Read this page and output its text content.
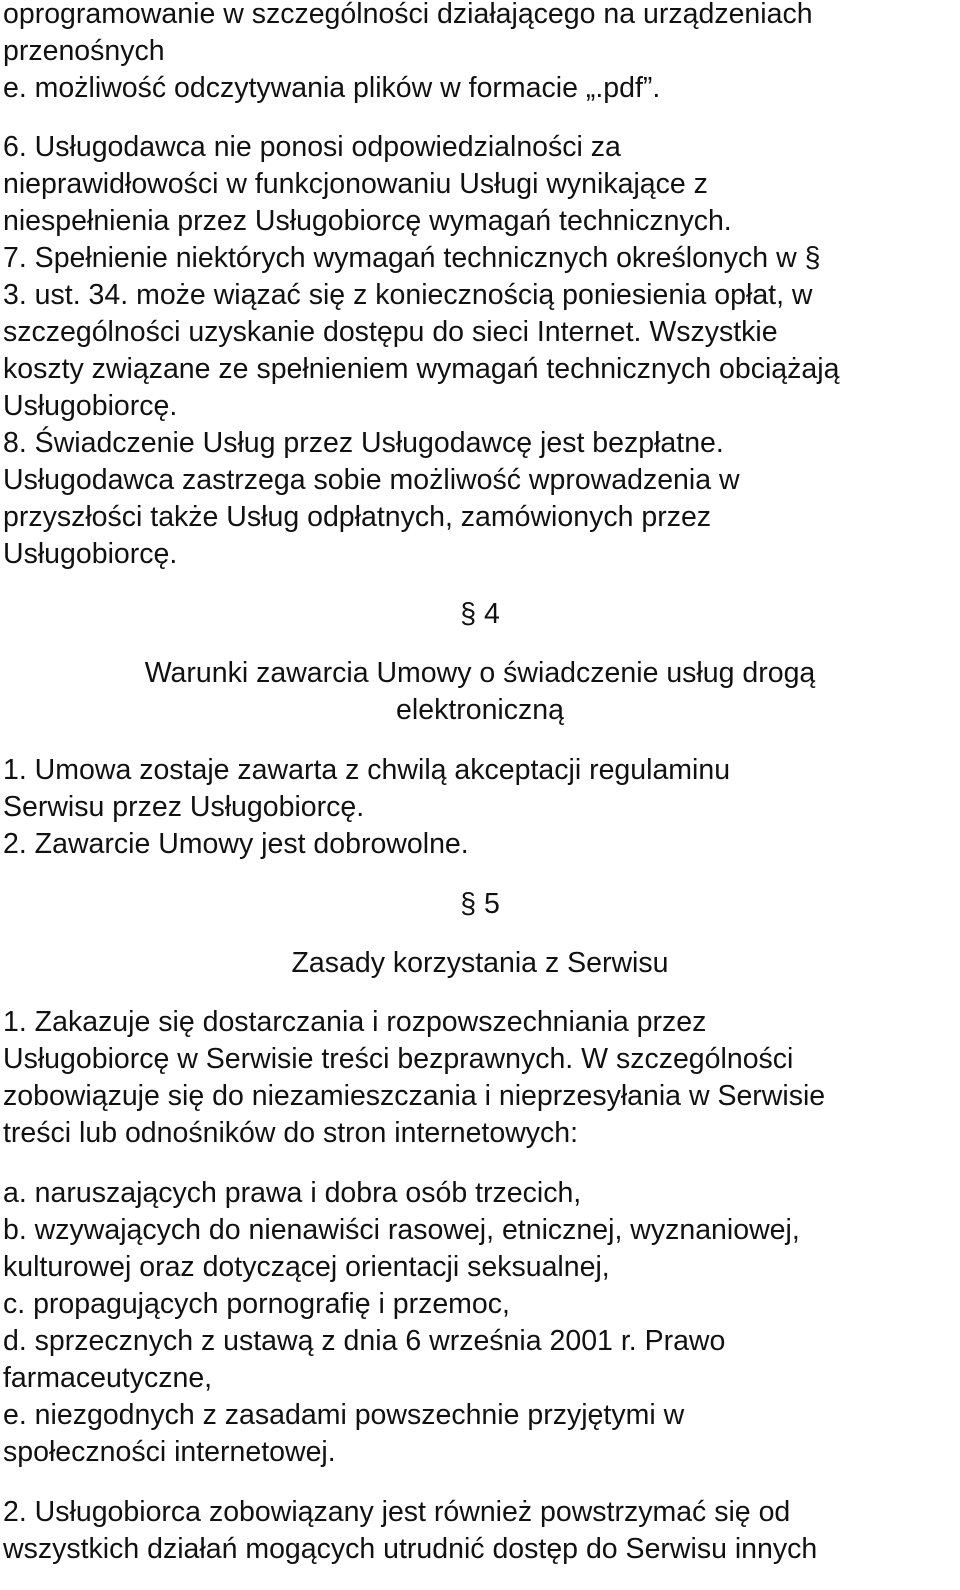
oprogramowanie w szczególności działającego na urządzeniach
przenośnych
e. możliwość odczytywania plików w formacie „.pdf”.
6. Usługodawca nie ponosi odpowiedzialności za
nieprawidłowości w funkcjonowaniu Usługi wynikające z
niespełnienia przez Usługobiorcę wymagań technicznych.
7. Spełnienie niektórych wymagań technicznych określonych w §
3. ust. 34. może wiązać się z koniecznością poniesienia opłat, w
szczególności uzyskanie dostępu do sieci Internet. Wszystkie
koszty związane ze spełnieniem wymagań technicznych obciążają
Usługobiorcę.
8. Świadczenie Usług przez Usługodawcę jest bezpłatne.
Usługodawca zastrzega sobie możliwość wprowadzenia w
przyszłości także Usług odpłatnych, zamówionych przez
Usługobiorcę.
§ 4
Warunki zawarcia Umowy o świadczenie usług drogą
elektroniczną
1. Umowa zostaje zawarta z chwilą akceptacji regulaminu
Serwisu przez Usługobiorcę.
2. Zawarcie Umowy jest dobrowolne.
§ 5
Zasady korzystania z Serwisu
1. Zakazuje się dostarczania i rozpowszechniania przez
Usługobiorcę w Serwisie treści bezprawnych. W szczególności
zobowiązuje się do niezamieszczania i nieprzesyłania w Serwisie
treści lub odnośników do stron internetowych:
a. naruszających prawa i dobra osób trzecich,
b. wzywających do nienawiści rasowej, etnicznej, wyznaniowej,
kulturowej oraz dotyczącej orientacji seksualnej,
c. propagujących pornografię i przemoc,
d. sprzecznych z ustawą z dnia 6 września 2001 r. Prawo
farmaceutyczne,
e. niezgodnych z zasadami powszechnie przyjętymi w
społeczności internetowej.
2. Usługobiorca zobowiązany jest również powstrzymać się od
wszystkich działań mogących utrudnić dostęp do Serwisu innych
